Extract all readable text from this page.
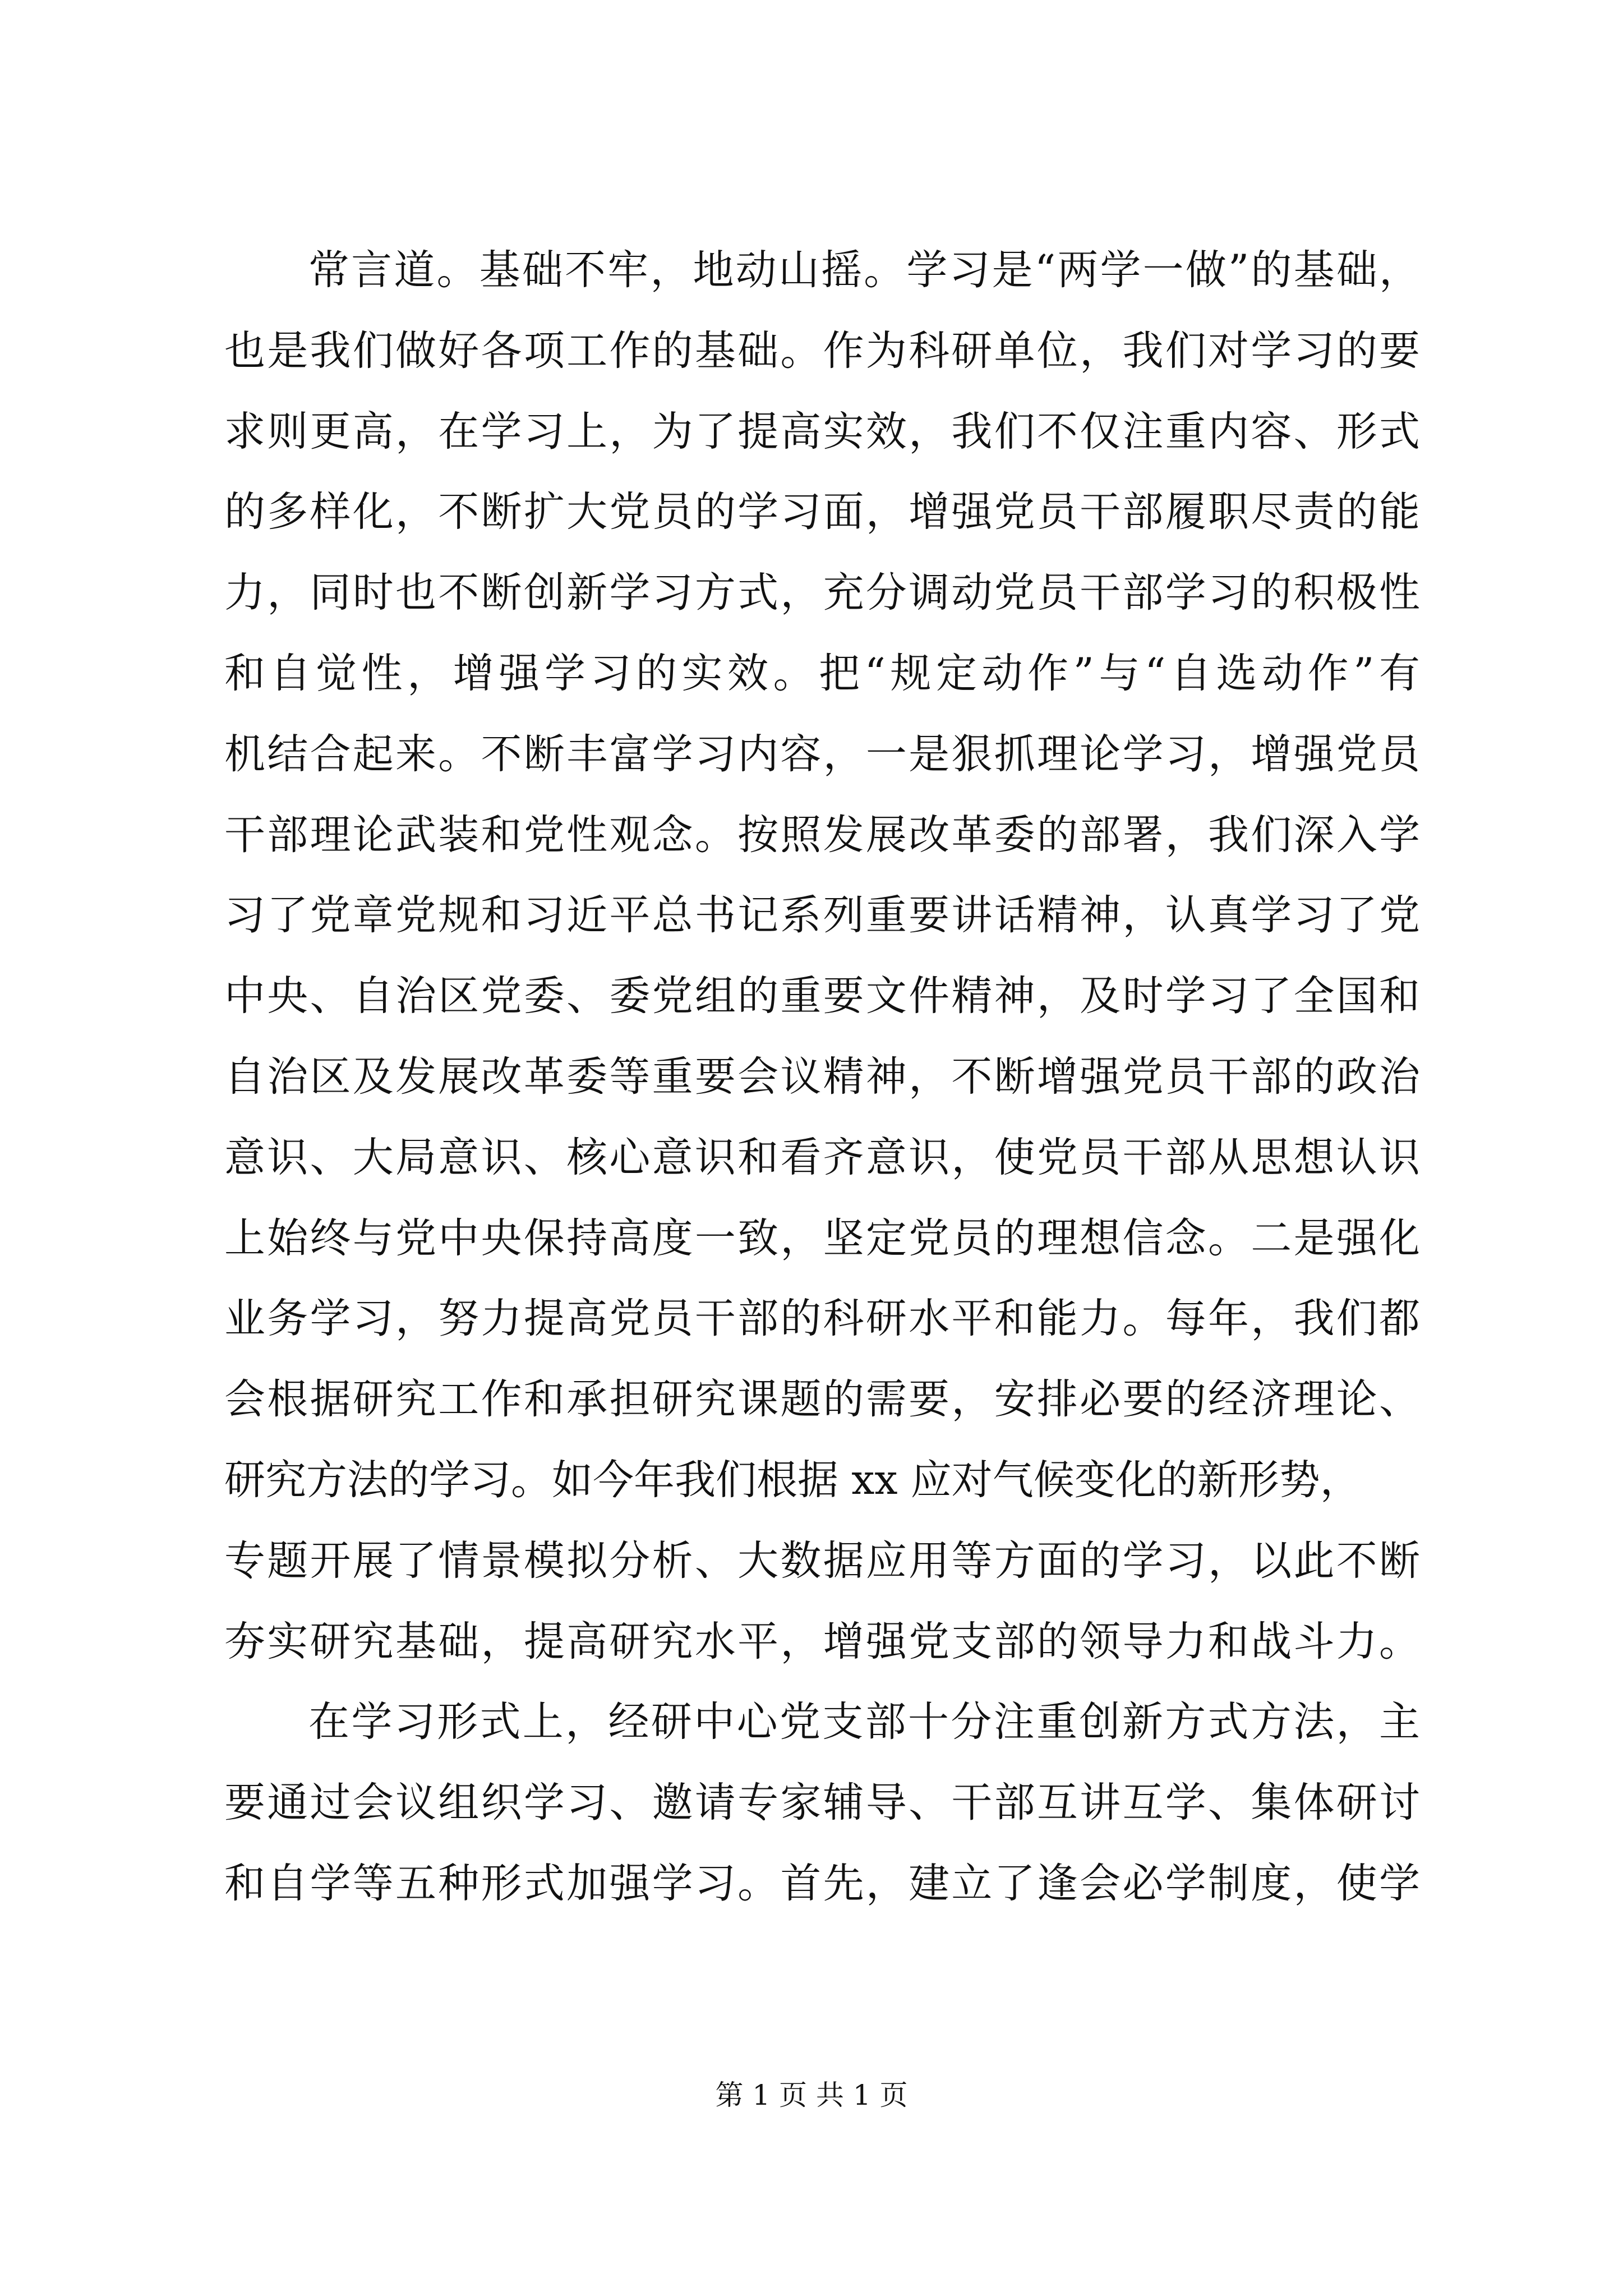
常言道。基础不牢，地动山摇。学习是“两学一做”的基础，
也是我们做好各项工作的基础。作为科研单位，我们对学习的要
求则更高，在学习上，为了提高实效，我们不仅注重内容、形式
的多样化，不断扩大党员的学习面，增强党员干部履职尽责的能
力，同时也不断创新学习方式，充分调动党员干部学习的积极性
和自觉性，增强学习的实效。把“规定动作”与“自选动作”有
机结合起来。不断丰富学习内容，一是狠抓理论学习，增强党员
干部理论武装和党性观念。按照发展改革委的部署，我们深入学
习了党章党规和习近平总书记系列重要讲话精神，认真学习了党
中央、自治区党委、委党组的重要文件精神，及时学习了全国和
自治区及发展改革委等重要会议精神，不断增强党员干部的政治
意识、大局意识、核心意识和看齐意识，使党员干部从思想认识
上始终与党中央保持高度一致，坚定党员的理想信念。二是强化
业务学习，努力提高党员干部的科研水平和能力。每年，我们都
会根据研究工作和承担研究课题的需要，安排必要的经济理论、
研究方法的学习。如今年我们根据 xx 应对气候变化的新形势，
专题开展了情景模拟分析、大数据应用等方面的学习，以此不断
夯实研究基础，提高研究水平，增强党支部的领导力和战斗力。
在学习形式上，经研中心党支部十分注重创新方式方法，主
要通过会议组织学习、邀请专家辅导、干部互讲互学、集体研讨
和自学等五种形式加强学习。首先，建立了逢会必学制度，使学
第 1 页 共 1 页
